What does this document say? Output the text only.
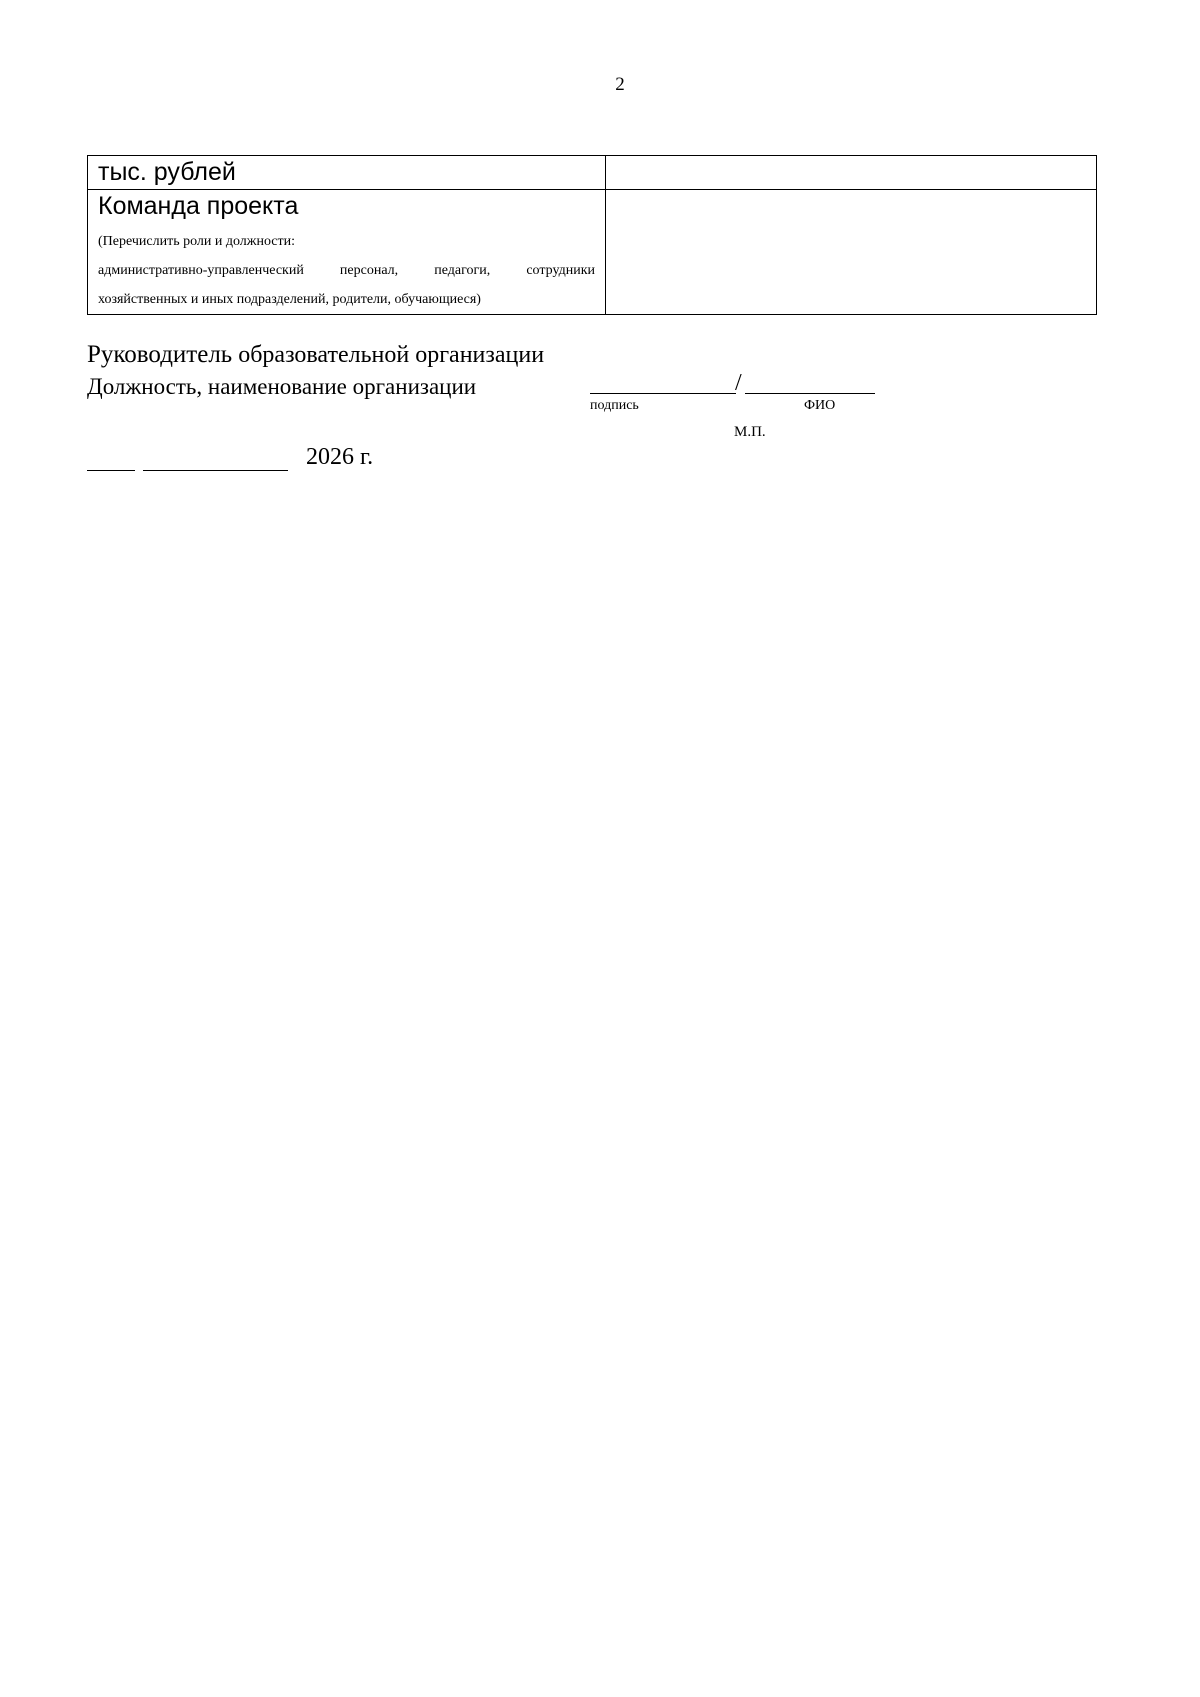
2
тыс. рублей	

Команда проекта
(Перечислить роли и должности:
административно-управленческий персонал, педагоги, сотрудники
хозяйственных и иных подразделений, родители, обучающиеся)	

Руководитель образовательной организации
Должность, наименование организации	/
подпись	ФИО
М.П.
2026 г.
